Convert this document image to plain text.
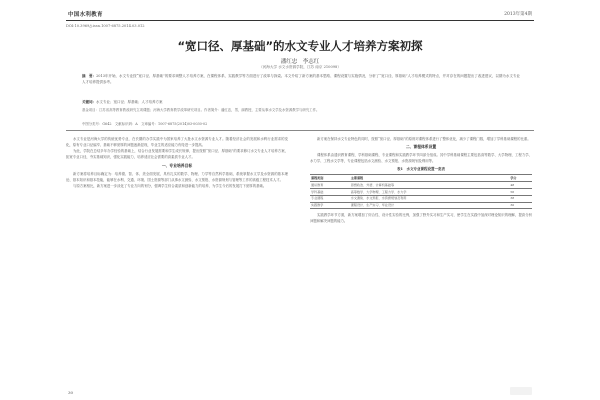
中国水利教育	2013年第4期
DOI:10.3969/j.issn.1007-6875.2014.03.012
“宽口径、厚基础”的水文专业人才培养方案初探
潘红忠　李志红
（河海大学 水文水资源学院，江苏 南京 210098）
摘　要：2013年开始，水文专业按“宽口径、厚基础”的要求调整人才培养方案，在课程体系、实践教学等方面进行了改革与探索。本文介绍了新方案的基本思路、课程设置与实施情况，分析了“宽口径、厚基础”人才培养模式的特点，并对存在的问题提出了改进建议，以期为水文专业人才培养提供参考。
关键词：水文专业；宽口径；厚基础；人才培养方案
基金项目：江苏省高等教育教改研究立项课题；河海大学教育教学改革研究项目。作者简介：潘红忠，男，副教授，主要从事水文学及水资源教学与研究工作。
中图分类号：G642　文献标识码：A　文章编号：1007-6875(2014)03-0030-02

水文专业是河海大学的传统优势专业，在长期的办学实践中为国家培养了大批水文水资源专业人才。随着经济社会的发展和水利行业需求的变化，原有专业口径偏窄、基础不够宽厚的问题逐渐显现，毕业生的适应能力有待进一步提高。

为此，学院在总结多年办学经验的基础上，结合行业发展需要和学生成长规律，提出按照“宽口径、厚基础”的要求修订水文专业人才培养方案，拓宽专业口径，夯实基础知识，强化实践能力，培养适应社会需要的高素质专业人才。

一、专业培养目标

新方案将培养目标确定为：培养德、智、体、美全面发展，具有扎实的数学、物理、力学等自然科学基础，系统掌握水文学及水资源的基本理论、基本知识和基本技能，能够在水利、交通、环境、国土资源等部门从事水文测验、水文预报、水资源规划与管理等工作的高级工程技术人才。

与原方案相比，新方案进一步淡化了专业方向的划分，强调学生综合素质和创新能力的培养，为学生今后的发展打下宽厚的基础。

新方案在保持水文专业特色的同时，按照“宽口径、厚基础”的原则对课程体系进行了整体优化，减少了课程门数，增加了学科基础课程的比重。

二、课程体系设置

课程体系由通识教育课程、学科基础课程、专业课程和实践教学环节四部分组成。其中学科基础课程主要包括高等数学、大学物理、工程力学、水力学、工程水文学等，专业课程包括水文测验、水文预报、水资源规划及利用等。

表1　水文专业课程设置一览表
课程类别	主要课程	学分
通识教育	思想政治、外语、计算机基础等	48
学科基础	高等数学、大学物理、工程力学、水力学	56
专业课程	水文测验、水文预报、水资源规划及利用	38
实践教学	课程设计、生产实习、毕业设计	30

实践教学环节方面，新方案增加了综合性、设计性实验的比例，加强了野外实习和生产实习，使学生在实践中加深对理论知识的理解，提高分析问题和解决问题的能力。

30
